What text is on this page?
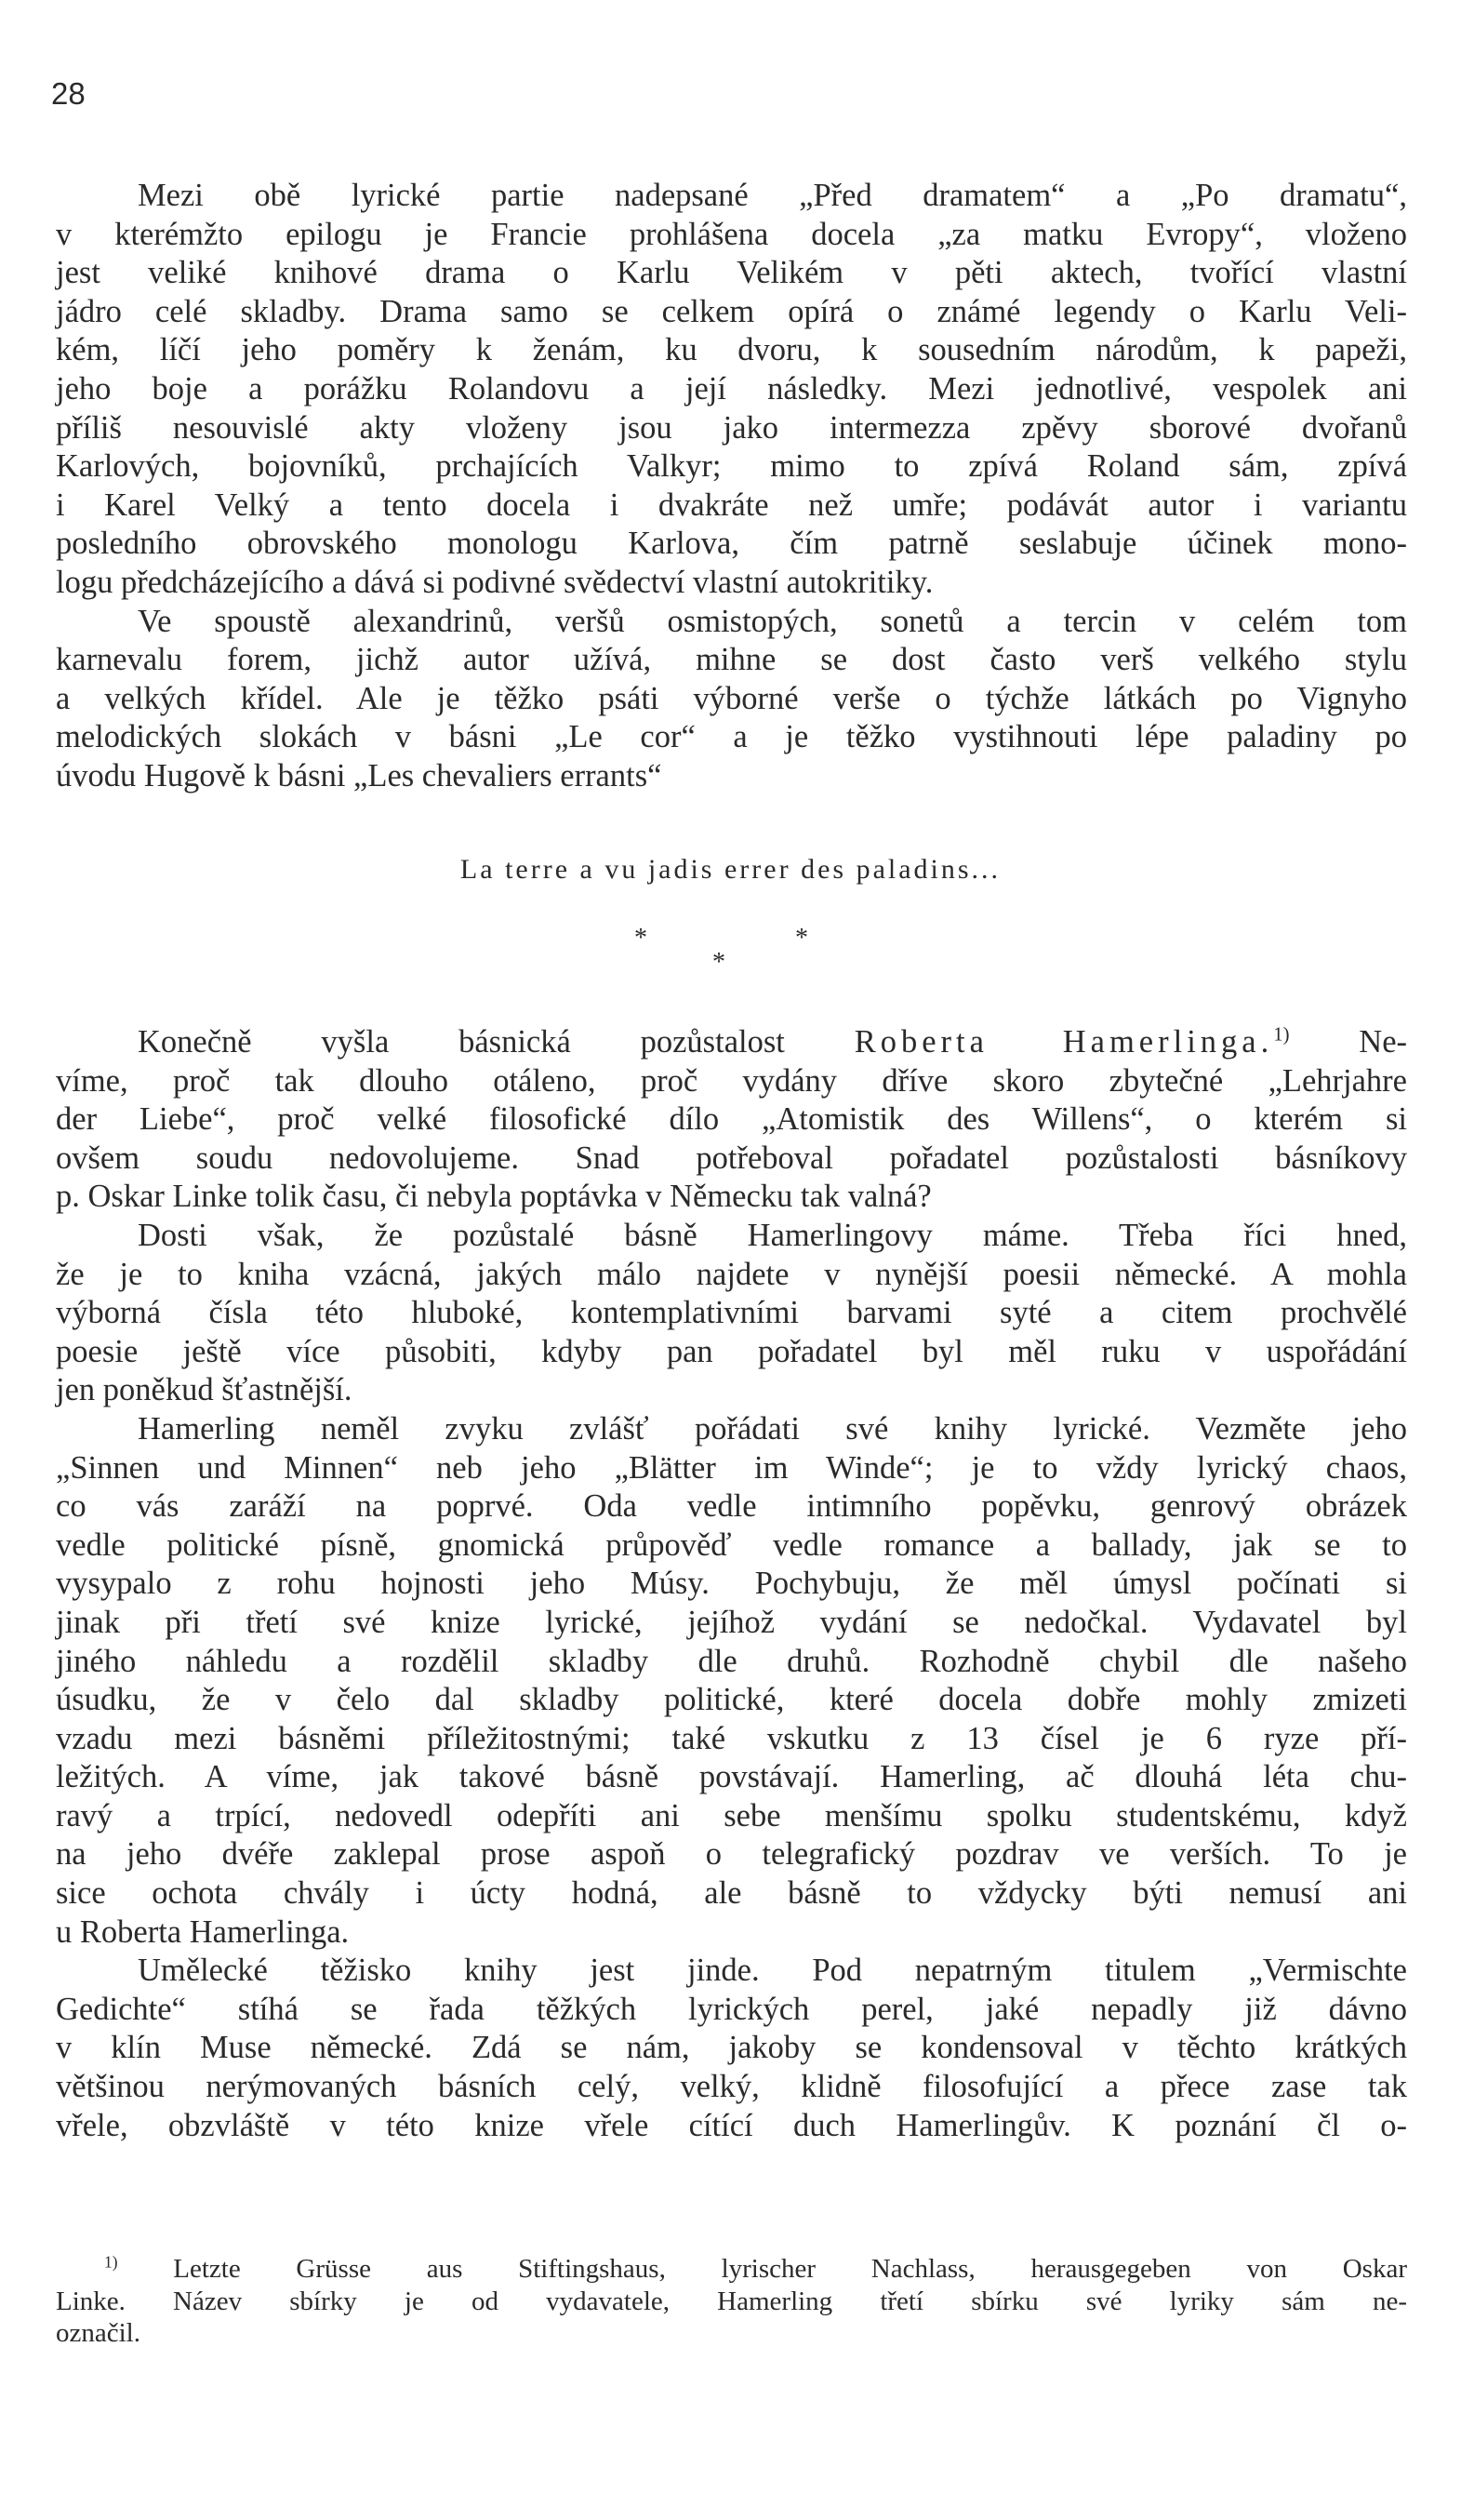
28

Mezi obě lyrické partie nadepsané „Před dramatem“ a „Po dramatu“,
v kterémžto epilogu je Francie prohlášena docela „za matku Evropy“, vloženo
jest veliké knihové drama o Karlu Velikém v pěti aktech, tvořící vlastní
jádro celé skladby. Drama samo se celkem opírá o známé legendy o Karlu Veli-
kém, líčí jeho poměry k ženám, ku dvoru, k sousedním národům, k papeži,
jeho boje a porážku Rolandovu a její následky. Mezi jednotlivé, vespolek ani
příliš nesouvislé akty vloženy jsou jako intermezza zpěvy sborové dvořanů
Karlových, bojovníků, prchajících Valkyr; mimo to zpívá Roland sám, zpívá
i Karel Velký a tento docela i dvakráte než umře; podávát autor i variantu
posledního obrovského monologu Karlova, čím patrně seslabuje účinek mono-
logu předcházejícího a dává si podivné svědectví vlastní autokritiky.

Ve spoustě alexandrinů, veršů osmistopých, sonetů a tercin v celém tom
karnevalu forem, jichž autor užívá, mihne se dost často verš velkého stylu
a velkých křídel. Ale je těžko psáti výborné verše o týchže látkách po Vignyho
melodických slokách v básni „Le cor“ a je těžko vystihnouti lépe paladiny po
úvodu Hugově k básni „Les chevaliers errants“

La terre a vu jadis errer des paladins...
*	*
*

Konečně vyšla básnická pozůstalost Roberta Hamerlinga.$^{1)}$ Ne-
víme, proč tak dlouho otáleno, proč vydány dříve skoro zbytečné „Lehrjahre
der Liebe“, proč velké filosofické dílo „Atomistik des Willens“, o kterém si
ovšem soudu nedovolujeme. Snad potřeboval pořadatel pozůstalosti básníkovy
p. Oskar Linke tolik času, či nebyla poptávka v Německu tak valná?

Dosti však, že pozůstalé básně Hamerlingovy máme. Třeba říci hned,
že je to kniha vzácná, jakých málo najdete v nynější poesii německé. A mohla
výborná čísla této hluboké, kontemplativními barvami syté a citem prochvělé
poesie ještě více působiti, kdyby pan pořadatel byl měl ruku v uspořádání
jen poněkud šťastnější.

Hamerling neměl zvyku zvlášť pořádati své knihy lyrické. Vezměte jeho
„Sinnen und Minnen“ neb jeho „Blätter im Winde“; je to vždy lyrický chaos,
co vás zaráží na poprvé. Oda vedle intimního popěvku, genrový obrázek
vedle politické písně, gnomická průpověď vedle romance a ballady, jak se to
vysypalo z rohu hojnosti jeho Músy. Pochybuju, že měl úmysl počínati si
jinak při třetí své knize lyrické, jejíhož vydání se nedočkal. Vydavatel byl
jiného náhledu a rozdělil skladby dle druhů. Rozhodně chybil dle našeho
úsudku, že v čelo dal skladby politické, které docela dobře mohly zmizeti
vzadu mezi básněmi příležitostnými; také vskutku z 13 čísel je 6 ryze pří-
ležitých. A víme, jak takové básně povstávají. Hamerling, ač dlouhá léta chu-
ravý a trpící, nedovedl odepříti ani sebe menšímu spolku studentskému, když
na jeho dvéře zaklepal prose aspoň o telegrafický pozdrav ve verších. To je
sice ochota chvály i úcty hodná, ale básně to vždycky býti nemusí ani
u Roberta Hamerlinga.

Umělecké těžisko knihy jest jinde. Pod nepatrným titulem „Vermischte
Gedichte“ stíhá se řada těžkých lyrických perel, jaké nepadly již dávno
v klín Muse německé. Zdá se nám, jakoby se kondensoval v těchto krátkých
většinou nerýmovaných básních celý, velký, klidně filosofující a přece zase tak
vřele, obzvláště v této knize vřele cítící duch Hamerlingův. K poznání čl o-

$^{1)}$ Letzte Grüsse aus Stiftingshaus, lyrischer Nachlass, herausgegeben von Oskar
Linke. Název sbírky je od vydavatele, Hamerling třetí sbírku své lyriky sám ne-
označil.
